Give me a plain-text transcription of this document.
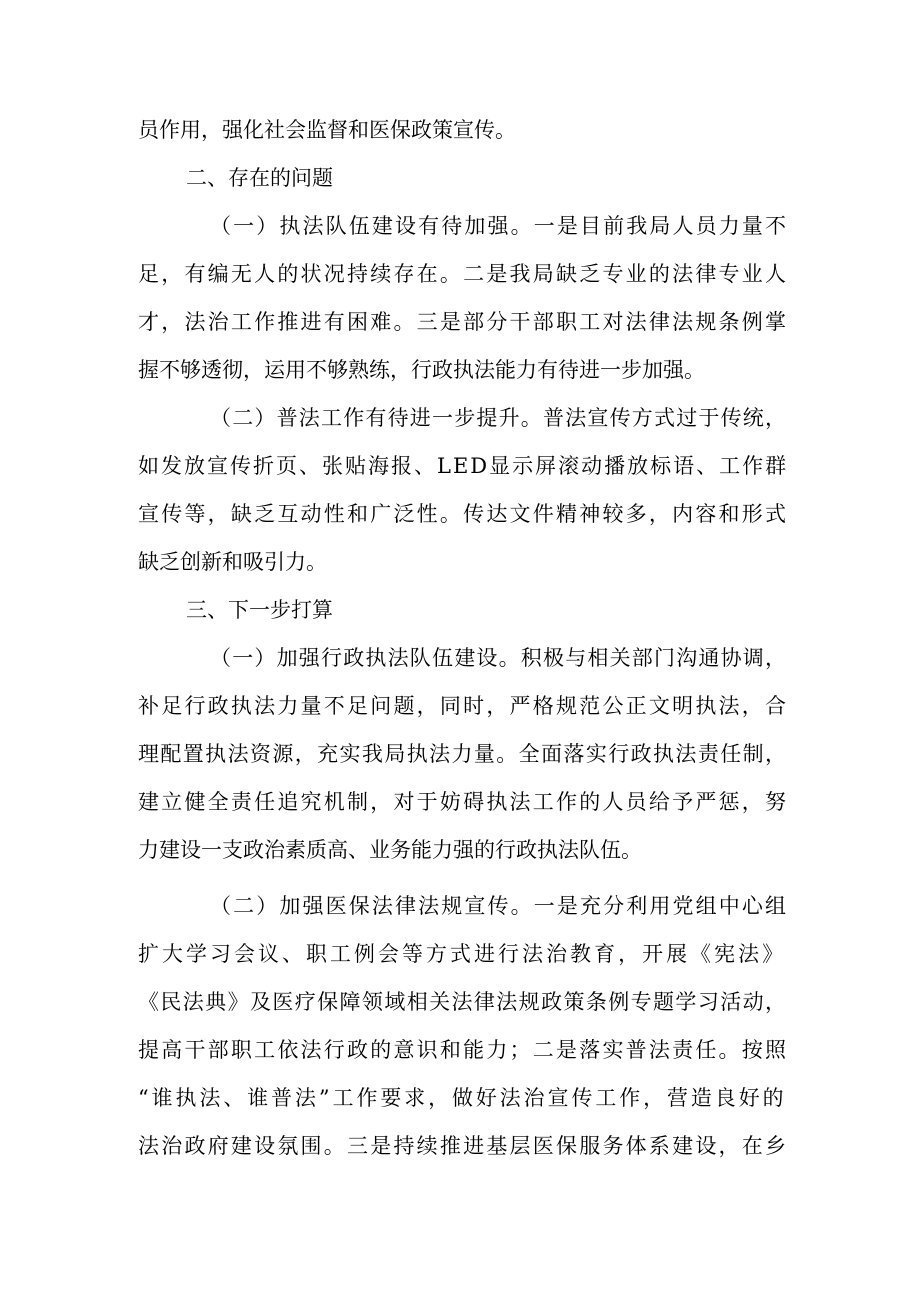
员作用，强化社会监督和医保政策宣传。
二、存在的问题
（一）执法队伍建设有待加强。一是目前我局人员力量不
足，有编无人的状况持续存在。二是我局缺乏专业的法律专业人
才，法治工作推进有困难。三是部分干部职工对法律法规条例掌
握不够透彻，运用不够熟练，行政执法能力有待进一步加强。
（二）普法工作有待进一步提升。普法宣传方式过于传统，
如发放宣传折页、张贴海报、LED显示屏滚动播放标语、工作群
宣传等，缺乏互动性和广泛性。传达文件精神较多，内容和形式
缺乏创新和吸引力。
三、下一步打算
（一）加强行政执法队伍建设。积极与相关部门沟通协调，
补足行政执法力量不足问题，同时，严格规范公正文明执法，合
理配置执法资源，充实我局执法力量。全面落实行政执法责任制，
建立健全责任追究机制，对于妨碍执法工作的人员给予严惩，努
力建设一支政治素质高、业务能力强的行政执法队伍。
（二）加强医保法律法规宣传。一是充分利用党组中心组
扩大学习会议、职工例会等方式进行法治教育，开展《宪法》
《民法典》及医疗保障领域相关法律法规政策条例专题学习活动，
提高干部职工依法行政的意识和能力；二是落实普法责任。按照
“谁执法、谁普法”工作要求，做好法治宣传工作，营造良好的
法治政府建设氛围。三是持续推进基层医保服务体系建设，在乡
